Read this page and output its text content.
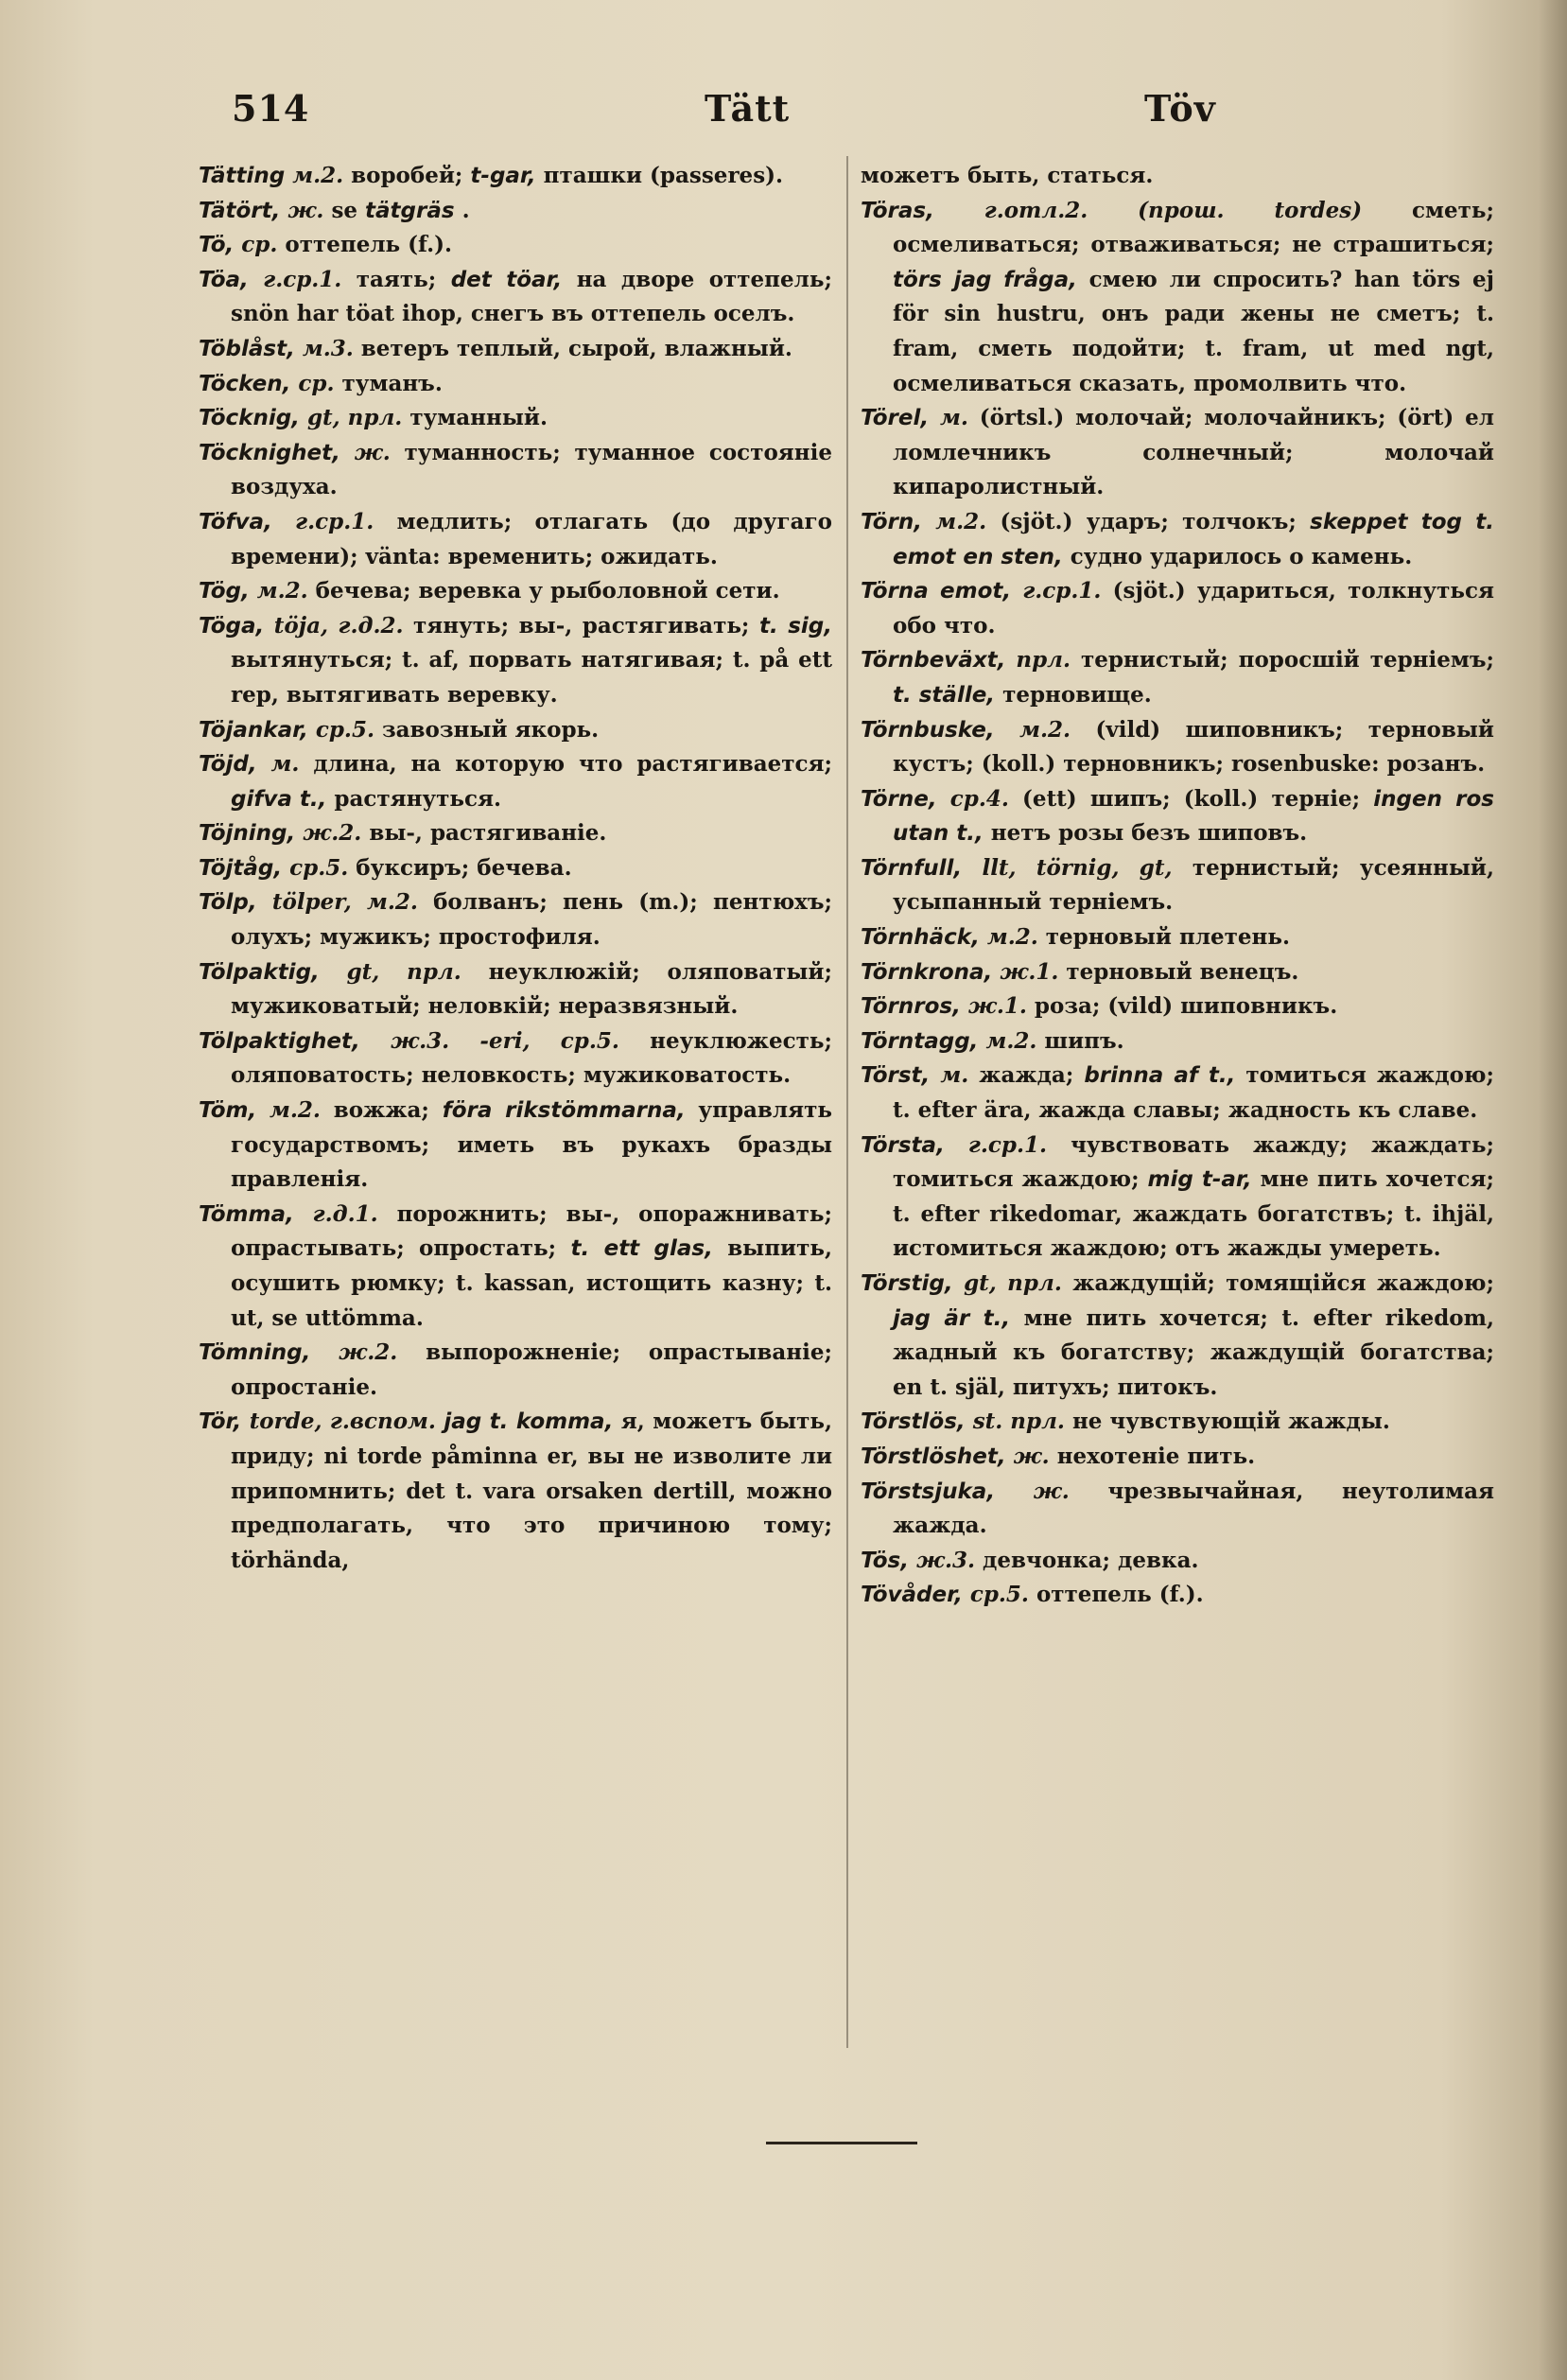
514	Tätt	Töv

Tätting м.2. воробей; t-gar, пташки (passeres).

Tätört, ж. se tätgräs .

Tö, ср. оттепель (f.).

Töa, г.ср.1. таять; det töar, на дворе оттепель; snön har töat ihop, снегъ въ оттепель оселъ.

Töblåst, м.3. ветеръ теплый, сырой, влажный.

Töcken, ср. туманъ.

Töcknig, gt, прл. туманный.

Töcknighet, ж. туманность; туманное состояніе воздуха.

Töfva, г.ср.1. медлить; отлагать (до другаго времени); vänta: временить; ожидать.

Tög, м.2. бечева; веревка у рыболовной сети.

Töga, töja, г.д.2. тянуть; вы-, растягивать; t. sig, вытянуться; t. af, порвать натягивая; t. på ett rep, вытягивать веревку.

Töjankar, ср.5. завозный якорь.

Töjd, м. длина, на которую что растягивается; gifva t., растянуться.

Töjning, ж.2. вы-, растягиваніе.

Töjtåg, ср.5. буксиръ; бечева.

Tölp, tölper, м.2. болванъ; пень (m.); пентюхъ; олухъ; мужикъ; простофиля.

Tölpaktig, gt, прл. неуклюжій; оляповатый; мужиковатый; неловкій; неразвязный.

Tölpaktighet, ж.3. -eri, ср.5. неуклюжесть; оляповатость; неловкость; мужиковатость.

Töm, м.2. вожжа; föra rikstömmarna, управлять государствомъ; иметь въ рукахъ бразды правленія.

Tömma, г.д.1. порожнить; вы-, опоражнивать; опрастывать; опростать; t. ett glas, выпить, осушить рюмку; t. kassan, истощить казну; t. ut, se uttömma.

Tömning, ж.2. выпорожненіе; опрастываніе; опростаніе.

Tör, torde, г.вспом. jag t. komma, я, можетъ быть, приду; ni torde påminna er, вы не изволите ли припомнить; det t. vara orsaken dertill, можно предполагать, что это причиною тому; törhända,

можетъ быть, статься.

Töras, г.отл.2. (прош. tordes) сметь; осмеливаться; отваживаться; не страшиться; törs jag fråga, смею ли спросить? han törs ej för sin hustru, онъ ради жены не сметъ; t. fram, сметь подойти; t. fram, ut med ngt, осмеливаться сказать, промолвить что.

Törel, м. (örtsl.) молочай; молочайникъ; (ört) ел ломлечникъ солнечный; молочай кипаролистный.

Törn, м.2. (sjöt.) ударъ; толчокъ; skeppet tog t. emot en sten, судно ударилось о камень.

Törna emot, г.ср.1. (sjöt.) удариться, толкнуться обо что.

Törnbeväxt, прл. тернистый; поросшій терніемъ; t. ställe, терновище.

Törnbuske, м.2. (vild) шиповникъ; терновый кустъ; (koll.) терновникъ; rosenbuske: розанъ.

Törne, ср.4. (ett) шипъ; (koll.) терніе; ingen ros utan t., нетъ розы безъ шиповъ.

Törnfull, llt, törnig, gt, тернистый; усеянный, усыпанный терніемъ.

Törnhäck, м.2. терновый плетень.

Törnkrona, ж.1. терновый венецъ.

Törnros, ж.1. роза; (vild) шиповникъ.

Törntagg, м.2. шипъ.

Törst, м. жажда; brinna af t., томиться жаждою; t. efter ära, жажда славы; жадность къ славе.

Törsta, г.ср.1. чувствовать жажду; жаждать; томиться жаждою; mig t-ar, мне пить хочется; t. efter rikedomar, жаждать богатствъ; t. ihjäl, истомиться жаждою; отъ жажды умереть.

Törstig, gt, прл. жаждущій; томящійся жаждою; jag är t., мне пить хочется; t. efter rikedom, жадный къ богатству; жаждущій богатства; en t. själ, питухъ; питокъ.

Törstlös, st. прл. не чувствующій жажды.

Törstlöshet, ж. нехотеніе пить.

Törstsjuka, ж. чрезвычайная, неутолимая жажда.

Tös, ж.3. девчонка; девка.

Tövåder, ср.5. оттепель (f.).
